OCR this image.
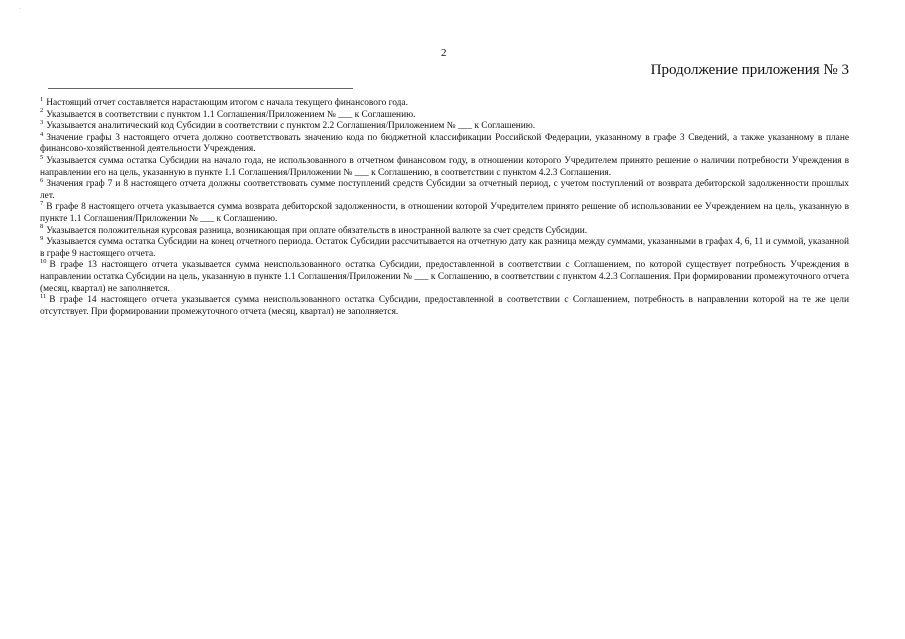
·
2
Продолжение приложения № 3

$^1$ Настоящий отчет составляется нарастающим итогом с начала текущего финансового года.

$^2$ Указывается в соответствии с пунктом 1.1 Соглашения/Приложением № ___ к Соглашению.

$^3$ Указывается аналитический код Субсидии в соответствии с пунктом 2.2 Соглашения/Приложением № ___ к Соглашению.

$^4$ Значение графы 3 настоящего отчета должно соответствовать значению кода по бюджетной классификации Российской Федерации, указанному в графе 3 Сведений, а также указанному в плане финансово-хозяйственной деятельности Учреждения.

$^5$ Указывается сумма остатка Субсидии на начало года, не использованного в отчетном финансовом году, в отношении которого Учредителем принято решение о наличии потребности Учреждения в направлении его на цель, указанную в пункте 1.1 Соглашения/Приложении № ___ к Соглашению, в соответствии с пунктом 4.2.3 Соглашения.

$^6$ Значения граф 7 и 8 настоящего отчета должны соответствовать сумме поступлений средств Субсидии за отчетный период, с учетом поступлений от возврата дебиторской задолженности прошлых лет.

$^7$ В графе 8 настоящего отчета указывается сумма возврата дебиторской задолженности, в отношении которой Учредителем принято решение об использовании ее Учреждением на цель, указанную в пункте 1.1 Соглашения/Приложении № ___ к Соглашению.

$^8$ Указывается положительная курсовая разница, возникающая при оплате обязательств в иностранной валюте за счет средств Субсидии.

$^9$ Указывается сумма остатка Субсидии на конец отчетного периода. Остаток Субсидии рассчитывается на отчетную дату как разница между суммами, указанными в графах 4, 6, 11 и суммой, указанной в графе 9 настоящего отчета.

$^{10}$ В графе 13 настоящего отчета указывается сумма неиспользованного остатка Субсидии, предоставленной в соответствии с Соглашением, по которой существует потребность Учреждения в направлении остатка Субсидии на цель, указанную в пункте 1.1 Соглашения/Приложении № ___ к Соглашению, в соответствии с пунктом 4.2.3 Соглашения. При формировании промежуточного отчета (месяц, квартал) не заполняется.

$^{11}$ В графе 14 настоящего отчета указывается сумма неиспользованного остатка Субсидии, предоставленной в соответствии с Соглашением, потребность в направлении которой на те же цели отсутствует. При формировании промежуточного отчета (месяц, квартал) не заполняется.
